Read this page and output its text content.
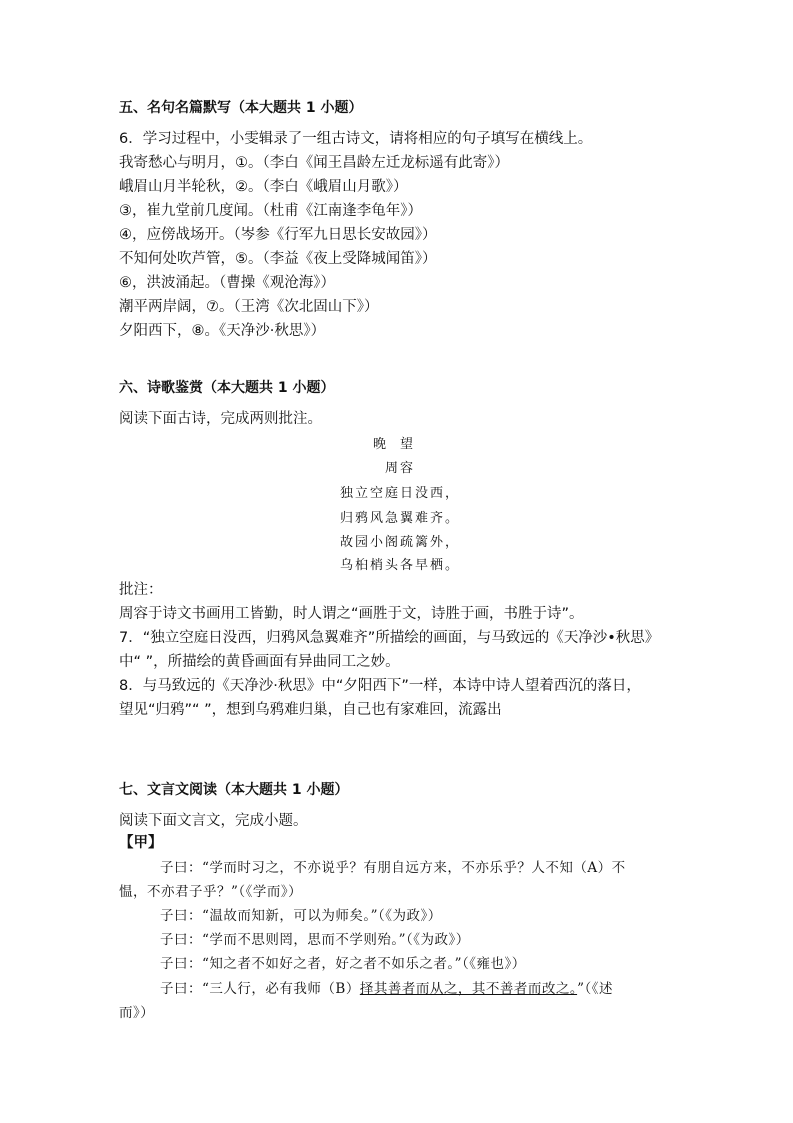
五、名句名篇默写（本大题共 1 小题）
6．学习过程中，小雯辑录了一组古诗文，请将相应的句子填写在横线上。
我寄愁心与明月，①。（李白《闻王昌龄左迁龙标遥有此寄》）
峨眉山月半轮秋，②。（李白《峨眉山月歌》）
③，崔九堂前几度闻。（杜甫《江南逢李龟年》）
④，应傍战场开。（岑参《行军九日思长安故园》）
不知何处吹芦管，⑤。（李益《夜上受降城闻笛》）
⑥，洪波涌起。（曹操《观沧海》）
潮平两岸阔，⑦。（王湾《次北固山下》）
夕阳西下，⑧。《天净沙·秋思》）
六、诗歌鉴赏（本大题共 1 小题）
阅读下面古诗，完成两则批注。
晚望
周容
独立空庭日没西，
归鸦风急翼难齐。
故园小阁疏篱外，
乌桕梢头各早栖。
批注：
周容于诗文书画用工皆勤，时人谓之“画胜于文，诗胜于画，书胜于诗”。
7．“独立空庭日没西，归鸦风急翼难齐”所描绘的画面，与马致远的《天净沙•秋思》
中“ ”，所描绘的黄昏画面有异曲同工之妙。
8．与马致远的《天净沙·秋思》中“夕阳西下”一样，本诗中诗人望着西沉的落日，
望见“归鸦”“ ”，想到乌鸦难归巢，自己也有家难回，流露出
七、文言文阅读（本大题共 1 小题）
阅读下面文言文，完成小题。
【甲】
子曰：“学而时习之，不亦说乎？有朋自远方来，不亦乐乎？人不知（A）不
愠，不亦君子乎？”（《学而》）
子曰：“温故而知新，可以为师矣。”（《为政》）
子曰：“学而不思则罔，思而不学则殆。”（《为政》）
子曰：“知之者不如好之者，好之者不如乐之者。”（《雍也》）
子曰：“三人行，必有我师（B）择其善者而从之，其不善者而改之。”（《述
而》）
